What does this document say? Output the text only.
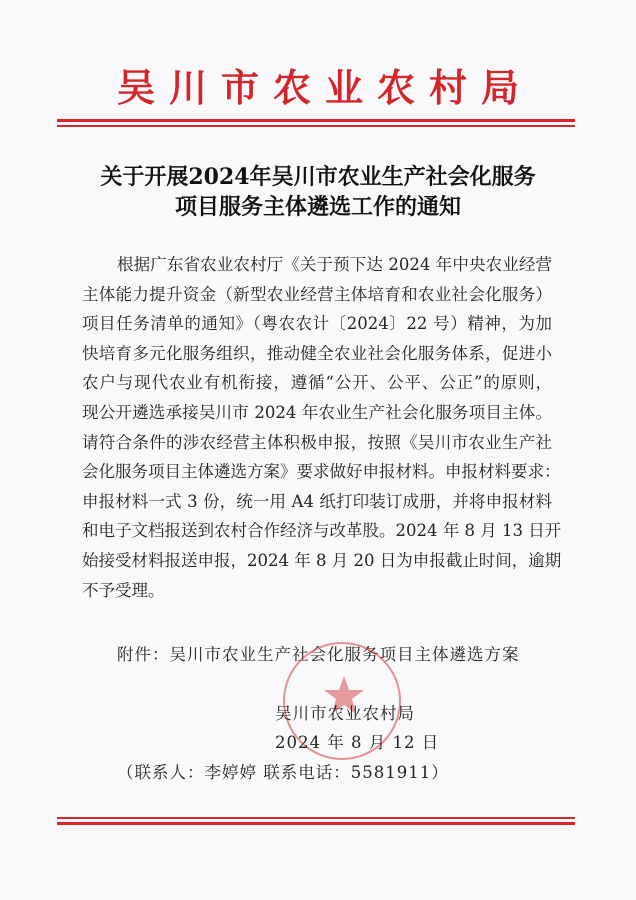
吴川市农业农村局
关于开展2024年吴川市农业生产社会化服务
项目服务主体遴选工作的通知
根据广东省农业农村厅《关于预下达 2024 年中央农业经营
主体能力提升资金（新型农业经营主体培育和农业社会化服务）
项目任务清单的通知》（粤农农计〔2024〕22 号）精神，为加
快培育多元化服务组织，推动健全农业社会化服务体系，促进小
农户与现代农业有机衔接，遵循“公开、公平、公正”的原则，
现公开遴选承接吴川市 2024 年农业生产社会化服务项目主体。
请符合条件的涉农经营主体积极申报，按照《吴川市农业生产社
会化服务项目主体遴选方案》要求做好申报材料。申报材料要求：
申报材料一式 3 份，统一用 A4 纸打印装订成册，并将申报材料
和电子文档报送到农村合作经济与改革股。2024 年 8 月 13 日开
始接受材料报送申报，2024 年 8 月 20 日为申报截止时间，逾期
不予受理。
附件：吴川市农业生产社会化服务项目主体遴选方案
吴川市农业农村局
2024 年 8 月 12 日
（联系人：李婷婷 联系电话：5581911）
